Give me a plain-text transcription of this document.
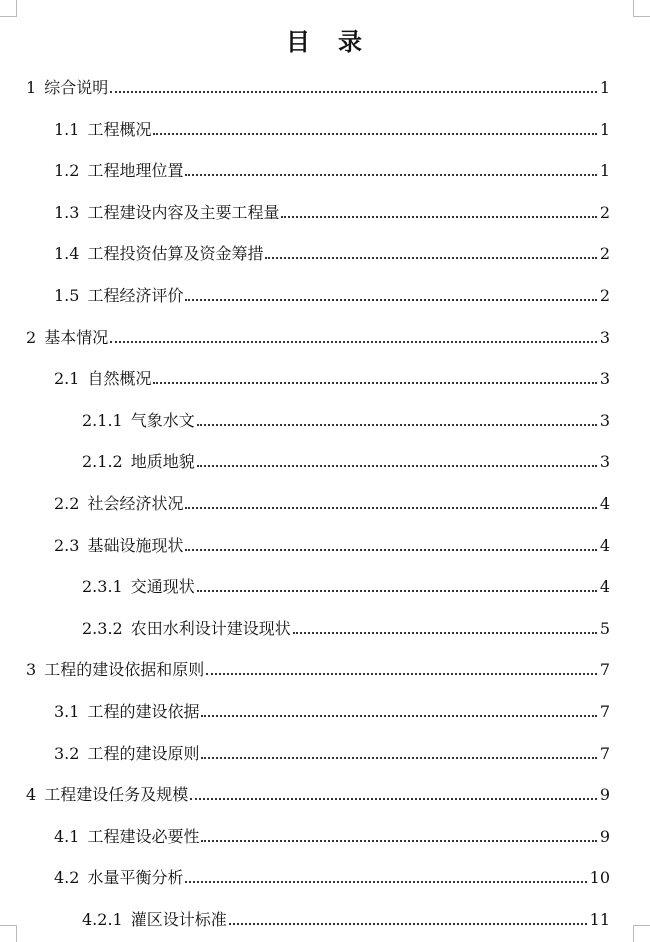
目　录
1 综合说明	1
1.1 工程概况	1
1.2 工程地理位置	1
1.3 工程建设内容及主要工程量	2
1.4 工程投资估算及资金筹措	2
1.5 工程经济评价	2
2 基本情况	3
2.1 自然概况	3
2.1.1 气象水文	3
2.1.2 地质地貌	3
2.2 社会经济状况	4
2.3 基础设施现状	4
2.3.1 交通现状	4
2.3.2 农田水利设计建设现状	5
3 工程的建设依据和原则	7
3.1 工程的建设依据	7
3.2 工程的建设原则	7
4 工程建设任务及规模	9
4.1 工程建设必要性	9
4.2 水量平衡分析	10
4.2.1 灌区设计标准	11
